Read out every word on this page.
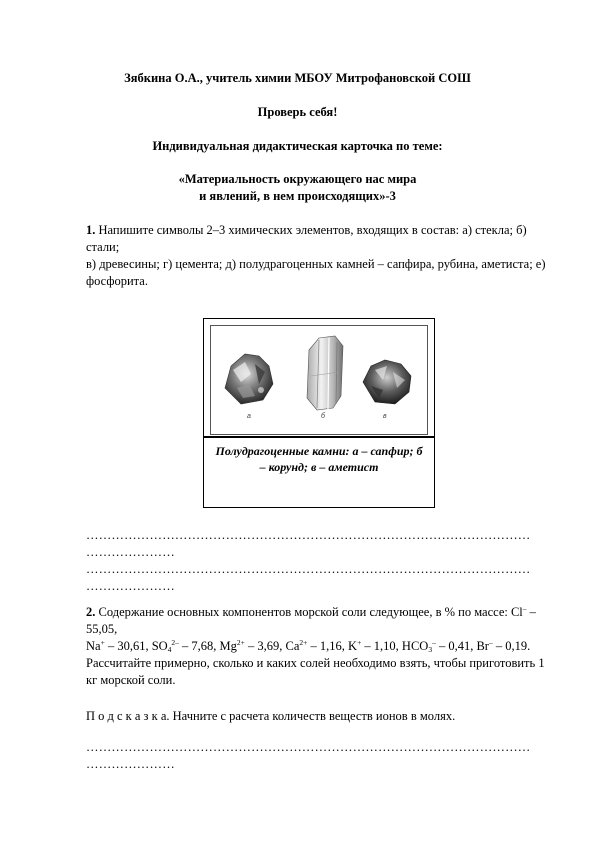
Зябкина О.А., учитель химии МБОУ Митрофановской СОШ
Проверь себя!
Индивидуальная дидактическая карточка по теме:
«Материальность окружающего нас мира
и явлений, в нем происходящих»-3
1. Напишите символы 2–3 химических элементов, входящих в состав: а) стекла; б) стали;
в) древесины; г) цемента; д) полудрагоценных камней – сапфира, рубина, аметиста; е) фосфорита.
а	б	в
Полудрагоценные камни: а – сапфир; б – корунд; в – аметист
……………………………………………………………………………………………
…………………
……………………………………………………………………………………………
…………………
2. Содержание основных компонентов морской соли следующее, в % по массе: Cl– – 55,05,
Na+ – 30,61, $SO_4^{2-} - 7,68$, $Mg^{2+} - 3,69$, $Ca^{2+} - 1,16$, K+ – 1,10, $HCO_3^- - 0,41$, Br– – 0,19. Рассчитайте примерно, сколько и каких солей необходимо взять, чтобы приготовить 1 кг морской соли.
П о д с к а з к а. Начните с расчета количеств веществ ионов в молях.
……………………………………………………………………………………………
…………………
